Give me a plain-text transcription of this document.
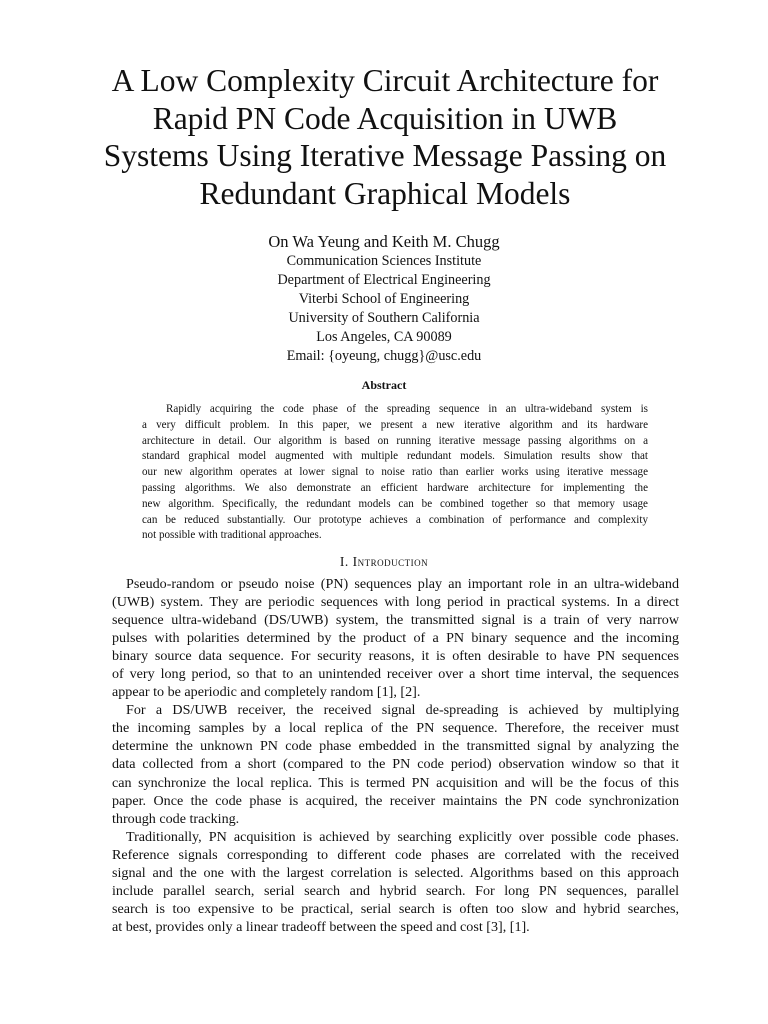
A Low Complexity Circuit Architecture for
Rapid PN Code Acquisition in UWB
Systems Using Iterative Message Passing on
Redundant Graphical Models
On Wa Yeung and Keith M. Chugg
Communication Sciences Institute
Department of Electrical Engineering
Viterbi School of Engineering
University of Southern California
Los Angeles, CA 90089
Email: {oyeung, chugg}@usc.edu
Abstract
Rapidly acquiring the code phase of the spreading sequence in an ultra-wideband system is
a very difficult problem. In this paper, we present a new iterative algorithm and its hardware
architecture in detail. Our algorithm is based on running iterative message passing algorithms on a
standard graphical model augmented with multiple redundant models. Simulation results show that
our new algorithm operates at lower signal to noise ratio than earlier works using iterative message
passing algorithms. We also demonstrate an efficient hardware architecture for implementing the
new algorithm. Specifically, the redundant models can be combined together so that memory usage
can be reduced substantially. Our prototype achieves a combination of performance and complexity
not possible with traditional approaches.
I. Introduction
Pseudo-random or pseudo noise (PN) sequences play an important role in an ultra-wideband
(UWB) system. They are periodic sequences with long period in practical systems. In a direct
sequence ultra-wideband (DS/UWB) system, the transmitted signal is a train of very narrow
pulses with polarities determined by the product of a PN binary sequence and the incoming
binary source data sequence. For security reasons, it is often desirable to have PN sequences
of very long period, so that to an unintended receiver over a short time interval, the sequences
appear to be aperiodic and completely random [1], [2].
For a DS/UWB receiver, the received signal de-spreading is achieved by multiplying
the incoming samples by a local replica of the PN sequence. Therefore, the receiver must
determine the unknown PN code phase embedded in the transmitted signal by analyzing the
data collected from a short (compared to the PN code period) observation window so that it
can synchronize the local replica. This is termed PN acquisition and will be the focus of this
paper. Once the code phase is acquired, the receiver maintains the PN code synchronization
through code tracking.
Traditionally, PN acquisition is achieved by searching explicitly over possible code phases.
Reference signals corresponding to different code phases are correlated with the received
signal and the one with the largest correlation is selected. Algorithms based on this approach
include parallel search, serial search and hybrid search. For long PN sequences, parallel
search is too expensive to be practical, serial search is often too slow and hybrid searches,
at best, provides only a linear tradeoff between the speed and cost [3], [1].
